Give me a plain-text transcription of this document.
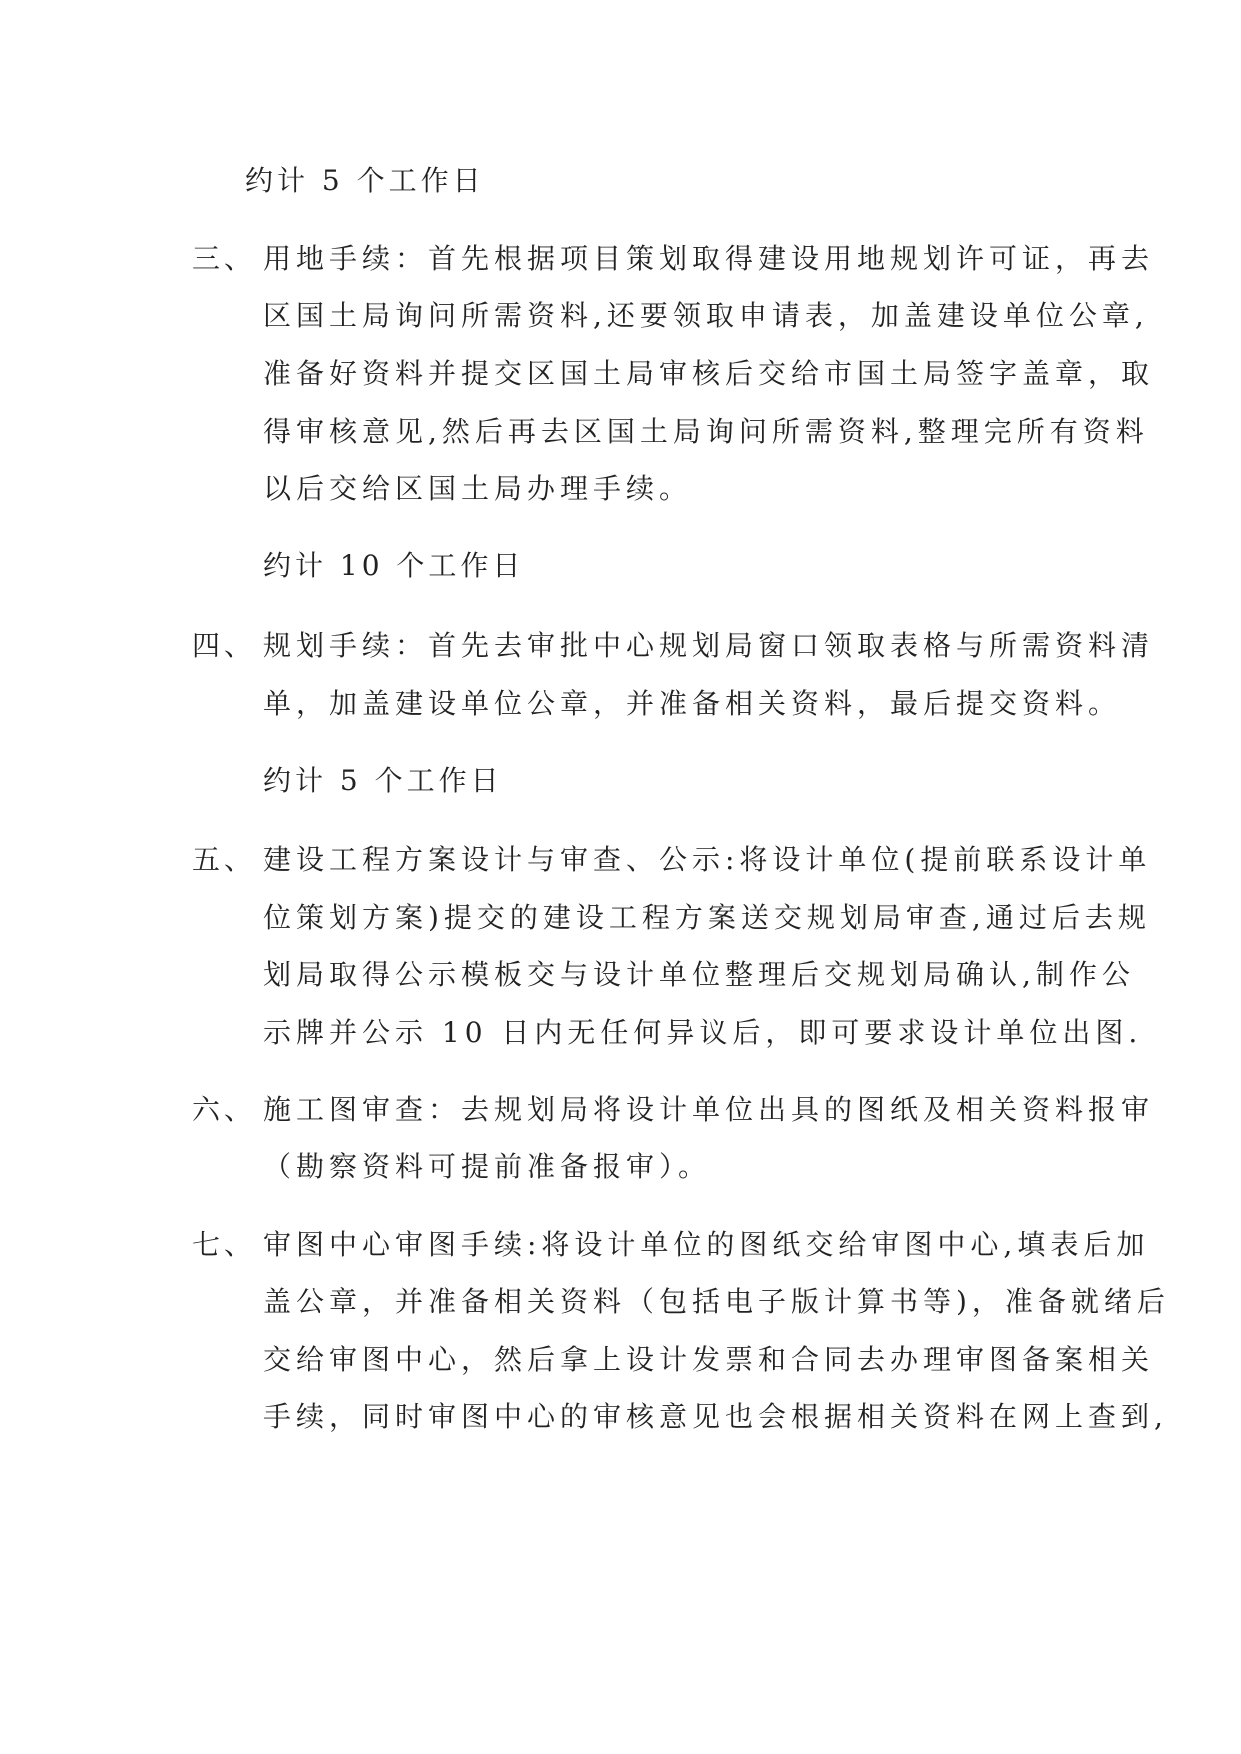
约计 5 个工作日
三、 用地手续：首先根据项目策划取得建设用地规划许可证，再去
区国土局询问所需资料,还要领取申请表，加盖建设单位公章,
准备好资料并提交区国土局审核后交给市国土局签字盖章，取
得审核意见,然后再去区国土局询问所需资料,整理完所有资料
以后交给区国土局办理手续。
约计 10 个工作日
四、 规划手续：首先去审批中心规划局窗口领取表格与所需资料清
单，加盖建设单位公章，并准备相关资料，最后提交资料。
约计 5 个工作日
五、 建设工程方案设计与审查、公示:将设计单位(提前联系设计单
位策划方案)提交的建设工程方案送交规划局审查,通过后去规
划局取得公示模板交与设计单位整理后交规划局确认,制作公
示牌并公示 10 日内无任何异议后，即可要求设计单位出图.
六、 施工图审查：去规划局将设计单位出具的图纸及相关资料报审
（勘察资料可提前准备报审）。
七、 审图中心审图手续:将设计单位的图纸交给审图中心,填表后加
盖公章，并准备相关资料（包括电子版计算书等)，准备就绪后
交给审图中心，然后拿上设计发票和合同去办理审图备案相关
手续，同时审图中心的审核意见也会根据相关资料在网上查到,
